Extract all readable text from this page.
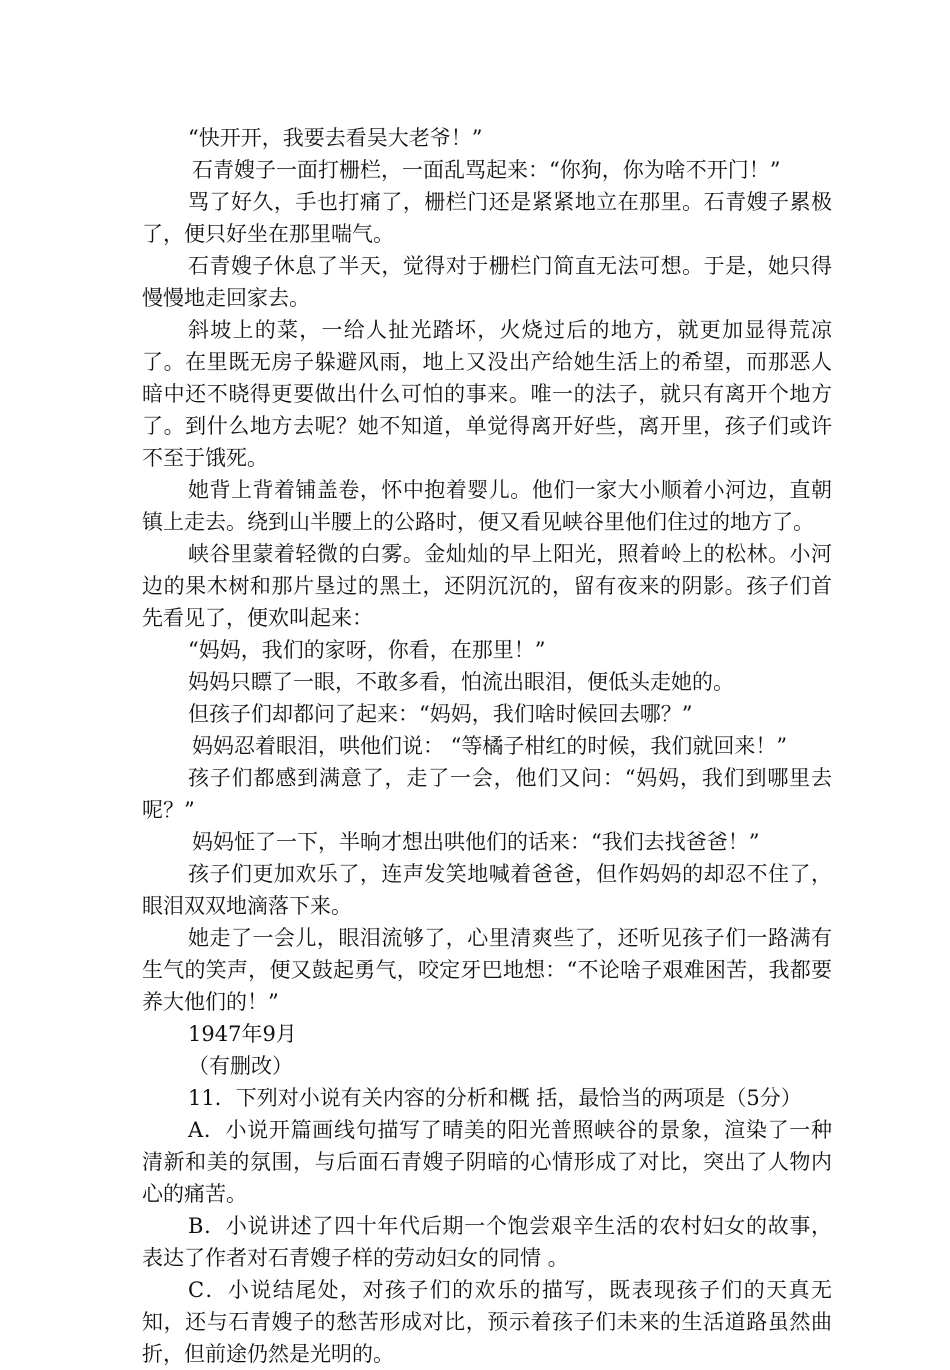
“快开开，我要去看吴大老爷！”

石青嫂子一面打栅栏，一面乱骂起来：“你狗，你为啥不开门！”

骂了好久，手也打痛了，栅栏门还是紧紧地立在那里。石青嫂子累极了，便只好坐在那里喘气。

石青嫂子休息了半天，觉得对于栅栏门简直无法可想。于是，她只得慢慢地走回家去。

斜坡上的菜，一给人扯光踏坏，火烧过后的地方，就更加显得荒凉了。在里既无房子躲避风雨，地上又没出产给她生活上的希望，而那恶人暗中还不晓得更要做出什么可怕的事来。唯一的法子，就只有离开个地方了。到什么地方去呢？她不知道，单觉得离开好些，离开里，孩子们或许不至于饿死。

她背上背着铺盖卷，怀中抱着婴儿。他们一家大小顺着小河边，直朝镇上走去。绕到山半腰上的公路时，便又看见峡谷里他们住过的地方了。

峡谷里蒙着轻微的白雾。金灿灿的早上阳光，照着岭上的松林。小河边的果木树和那片垦过的黑土，还阴沉沉的，留有夜来的阴影。孩子们首先看见了，便欢叫起来：

“妈妈，我们的家呀，你看，在那里！”

妈妈只瞟了一眼，不敢多看，怕流出眼泪，便低头走她的。

但孩子们却都问了起来：“妈妈，我们啥时候回去哪？”

妈妈忍着眼泪，哄他们说： “等橘子柑红的时候，我们就回来！”

孩子们都感到满意了，走了一会，他们又问：“妈妈，我们到哪里去呢？”

妈妈怔了一下，半晌才想出哄他们的话来：“我们去找爸爸！”

孩子们更加欢乐了，连声发笑地喊着爸爸，但作妈妈的却忍不住了，眼泪双双地滴落下来。

她走了一会儿，眼泪流够了，心里清爽些了，还听见孩子们一路满有生气的笑声，便又鼓起勇气，咬定牙巴地想：“不论啥子艰难困苦，我都要养大他们的！”

1947年9月

（有删改）

11．下列对小说有关内容的分析和概 括，最恰当的两项是（5分）

A．小说开篇画线句描写了晴美的阳光普照峡谷的景象，渲染了一种清新和美的氛围，与后面石青嫂子阴暗的心情形成了对比，突出了人物内心的痛苦。

B．小说讲述了四十年代后期一个饱尝艰辛生活的农村妇女的故事，表达了作者对石青嫂子样的劳动妇女的同情 。

C．小说结尾处，对孩子们的欢乐的描写，既表现孩子们的天真无知，还与石青嫂子的愁苦形成对比，预示着孩子们未来的生活道路虽然曲折，但前途仍然是光明的。
